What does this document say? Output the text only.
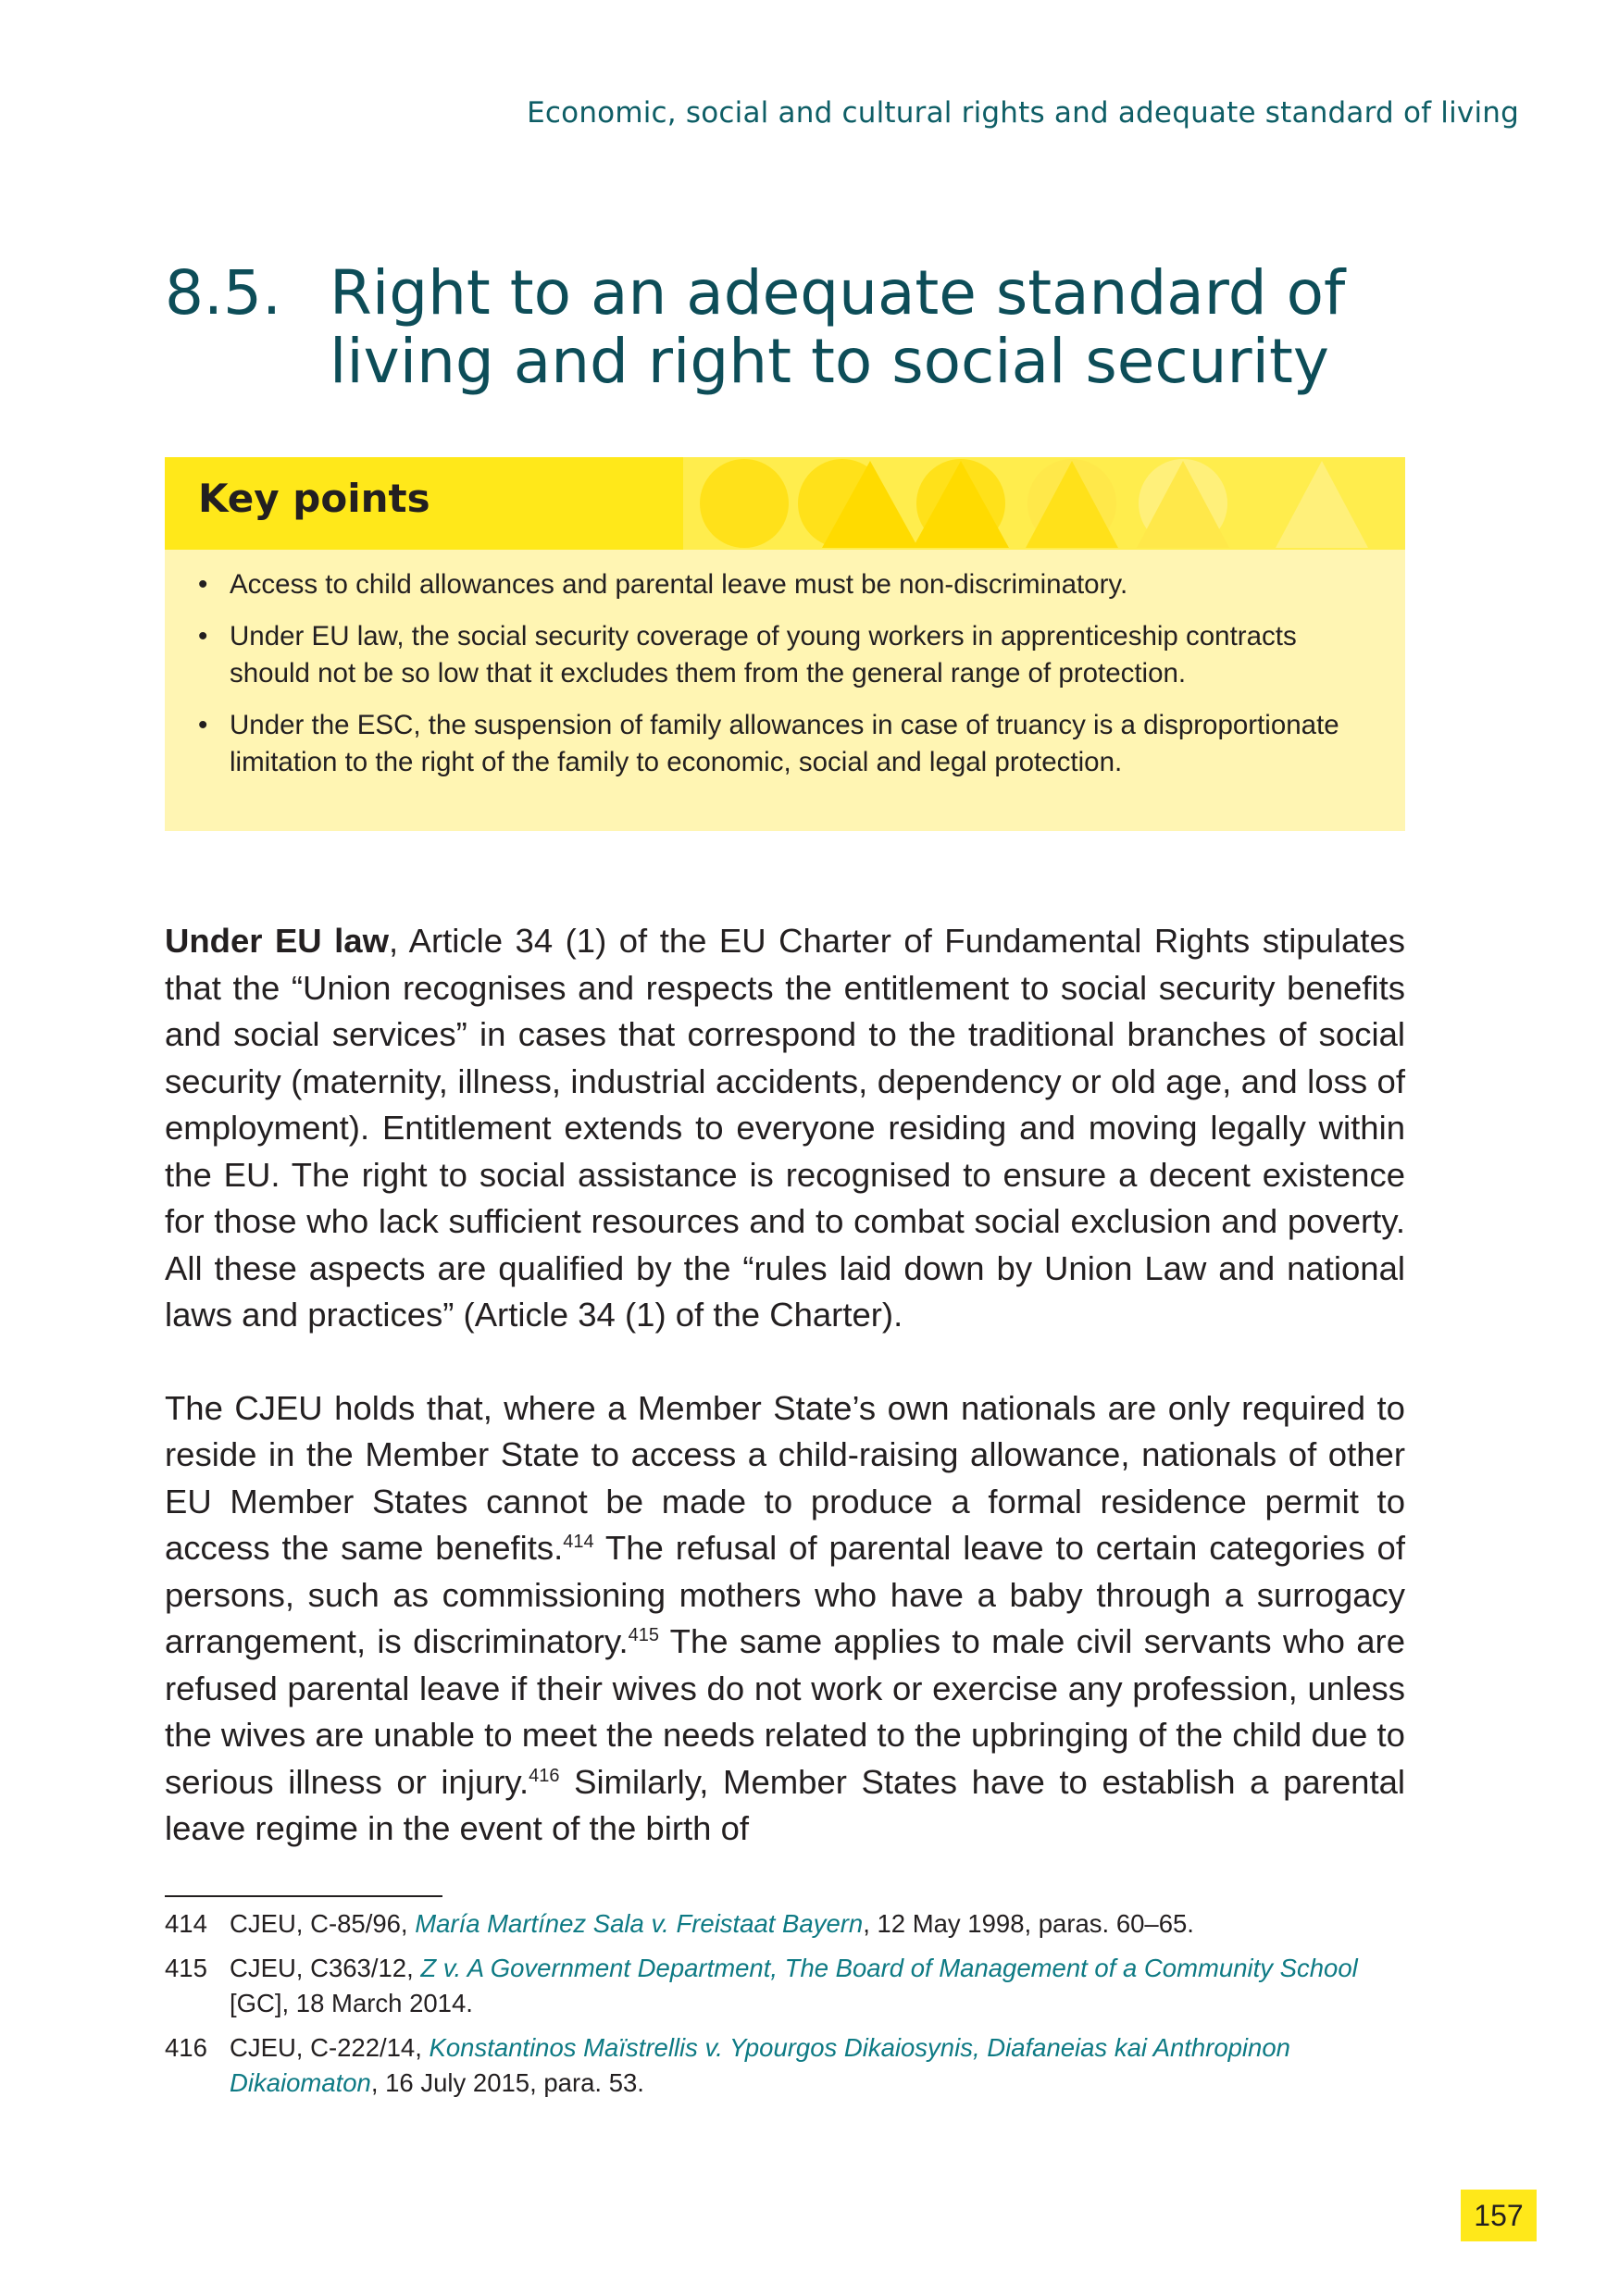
Economic, social and cultural rights and adequate standard of living
8.5. Right to an adequate standard of living and right to social security
Key points
• Access to child allowances and parental leave must be non-discriminatory.
• Under EU law, the social security coverage of young workers in apprenticeship contracts should not be so low that it excludes them from the general range of protection.
• Under the ESC, the suspension of family allowances in case of truancy is a disproportionate limitation to the right of the family to economic, social and legal protection.

Under EU law, Article 34 (1) of the EU Charter of Fundamental Rights stipulates that the “Union recognises and respects the entitlement to social security benefits and social services” in cases that correspond to the traditional branches of social security (maternity, illness, industrial accidents, dependency or old age, and loss of employment). Entitlement extends to everyone residing and moving legally within the EU. The right to social assistance is recognised to ensure a decent existence for those who lack sufficient resources and to combat social exclusion and poverty. All these aspects are qualified by the “rules laid down by Union Law and national laws and practices” (Article 34 (1) of the Charter).

The CJEU holds that, where a Member State’s own nationals are only required to reside in the Member State to access a child-raising allowance, nationals of other EU Member States cannot be made to produce a formal residence permit to access the same benefits.$^{414}$ The refusal of parental leave to certain categories of persons, such as commissioning mothers who have a baby through a surrogacy arrangement, is discriminatory.$^{415}$ The same applies to male civil servants who are refused parental leave if their wives do not work or exercise any profession, unless the wives are unable to meet the needs related to the upbringing of the child due to serious illness or injury.$^{416}$ Similarly, Member States have to establish a parental leave regime in the event of the birth of

414 CJEU, C-85/96, María Martínez Sala v. Freistaat Bayern, 12 May 1998, paras. 60–65.
415 CJEU, C363/12, Z v. A Government Department, The Board of Management of a Community School [GC], 18 March 2014.
416 CJEU, C-222/14, Konstantinos Maïstrellis v. Ypourgos Dikaiosynis, Diafaneias kai Anthropinon Dikaiomaton, 16 July 2015, para. 53.
157
